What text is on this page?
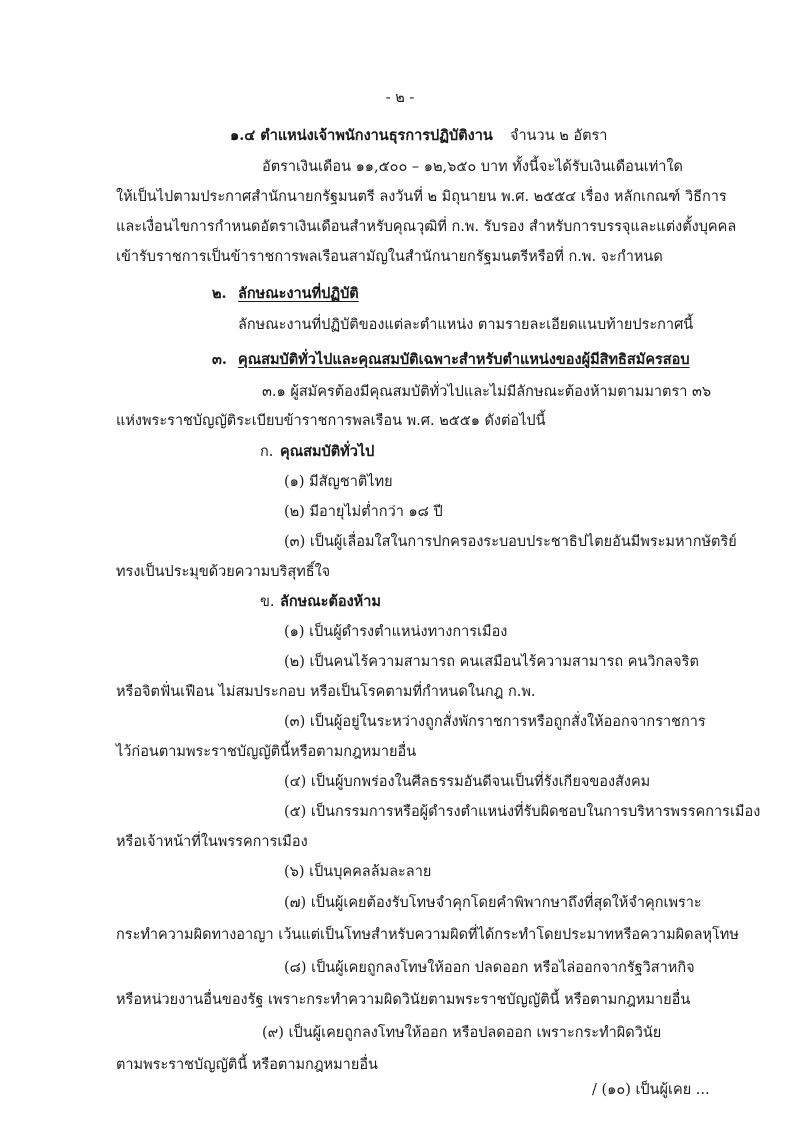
- ๒ -
๑.๔ ตำแหน่งเจ้าพนักงานธุรการปฏิบัติงาน จำนวน ๒ อัตรา
อัตราเงินเดือน ๑๑,๕๐๐ – ๑๒,๖๕๐ บาท ทั้งนี้จะได้รับเงินเดือนเท่าใด
ให้เป็นไปตามประกาศสำนักนายกรัฐมนตรี ลงวันที่ ๒ มิถุนายน พ.ศ. ๒๕๕๔ เรื่อง หลักเกณฑ์ วิธีการ
และเงื่อนไขการกำหนดอัตราเงินเดือนสำหรับคุณวุฒิที่ ก.พ. รับรอง สำหรับการบรรจุและแต่งตั้งบุคคล
เข้ารับราชการเป็นข้าราชการพลเรือนสามัญในสำนักนายกรัฐมนตรีหรือที่ ก.พ. จะกำหนด
๒. ลักษณะงานที่ปฏิบัติ
ลักษณะงานที่ปฏิบัติของแต่ละตำแหน่ง ตามรายละเอียดแนบท้ายประกาศนี้
๓. คุณสมบัติทั่วไปและคุณสมบัติเฉพาะสำหรับตำแหน่งของผู้มีสิทธิสมัครสอบ
๓.๑ ผู้สมัครต้องมีคุณสมบัติทั่วไปและไม่มีลักษณะต้องห้ามตามมาตรา ๓๖
แห่งพระราชบัญญัติระเบียบข้าราชการพลเรือน พ.ศ. ๒๕๕๑ ดังต่อไปนี้
ก. คุณสมบัติทั่วไป
(๑) มีสัญชาติไทย
(๒) มีอายุไม่ต่ำกว่า ๑๘ ปี
(๓) เป็นผู้เลื่อมใสในการปกครองระบอบประชาธิปไตยอันมีพระมหากษัตริย์
ทรงเป็นประมุขด้วยความบริสุทธิ์ใจ
ข. ลักษณะต้องห้าม
(๑) เป็นผู้ดำรงตำแหน่งทางการเมือง
(๒) เป็นคนไร้ความสามารถ คนเสมือนไร้ความสามารถ คนวิกลจริต
หรือจิตฟั่นเฟือน ไม่สมประกอบ หรือเป็นโรคตามที่กำหนดในกฎ ก.พ.
(๓) เป็นผู้อยู่ในระหว่างถูกสั่งพักราชการหรือถูกสั่งให้ออกจากราชการ
ไว้ก่อนตามพระราชบัญญัตินี้หรือตามกฎหมายอื่น
(๔) เป็นผู้บกพร่องในศีลธรรมอันดีจนเป็นที่รังเกียจของสังคม
(๕) เป็นกรรมการหรือผู้ดำรงตำแหน่งที่รับผิดชอบในการบริหารพรรคการเมือง
หรือเจ้าหน้าที่ในพรรคการเมือง
(๖) เป็นบุคคลล้มละลาย
(๗) เป็นผู้เคยต้องรับโทษจำคุกโดยคำพิพากษาถึงที่สุดให้จำคุกเพราะ
กระทำความผิดทางอาญา เว้นแต่เป็นโทษสำหรับความผิดที่ได้กระทำโดยประมาทหรือความผิดลหุโทษ
(๘) เป็นผู้เคยถูกลงโทษให้ออก ปลดออก หรือไล่ออกจากรัฐวิสาหกิจ
หรือหน่วยงานอื่นของรัฐ เพราะกระทำความผิดวินัยตามพระราชบัญญัตินี้ หรือตามกฎหมายอื่น
(๙) เป็นผู้เคยถูกลงโทษให้ออก หรือปลดออก เพราะกระทำผิดวินัย
ตามพระราชบัญญัตินี้ หรือตามกฎหมายอื่น
/ (๑๐) เป็นผู้เคย ...
